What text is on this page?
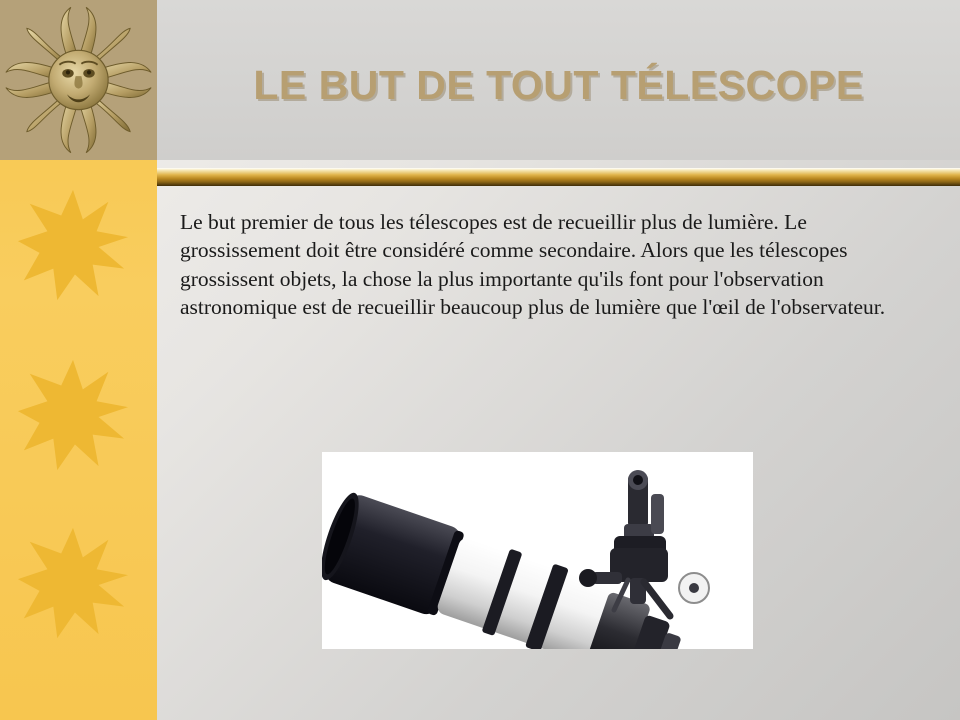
LE BUT DE TOUT TÉLESCOPE
Le but premier de tous les télescopes est de recueillir plus de lumière. Le grossissement doit être considéré comme secondaire. Alors que les télescopes grossissent objets, la chose la plus importante qu'ils font pour l'observation astronomique est de recueillir beaucoup plus de lumière que l'œil de l'observateur.
